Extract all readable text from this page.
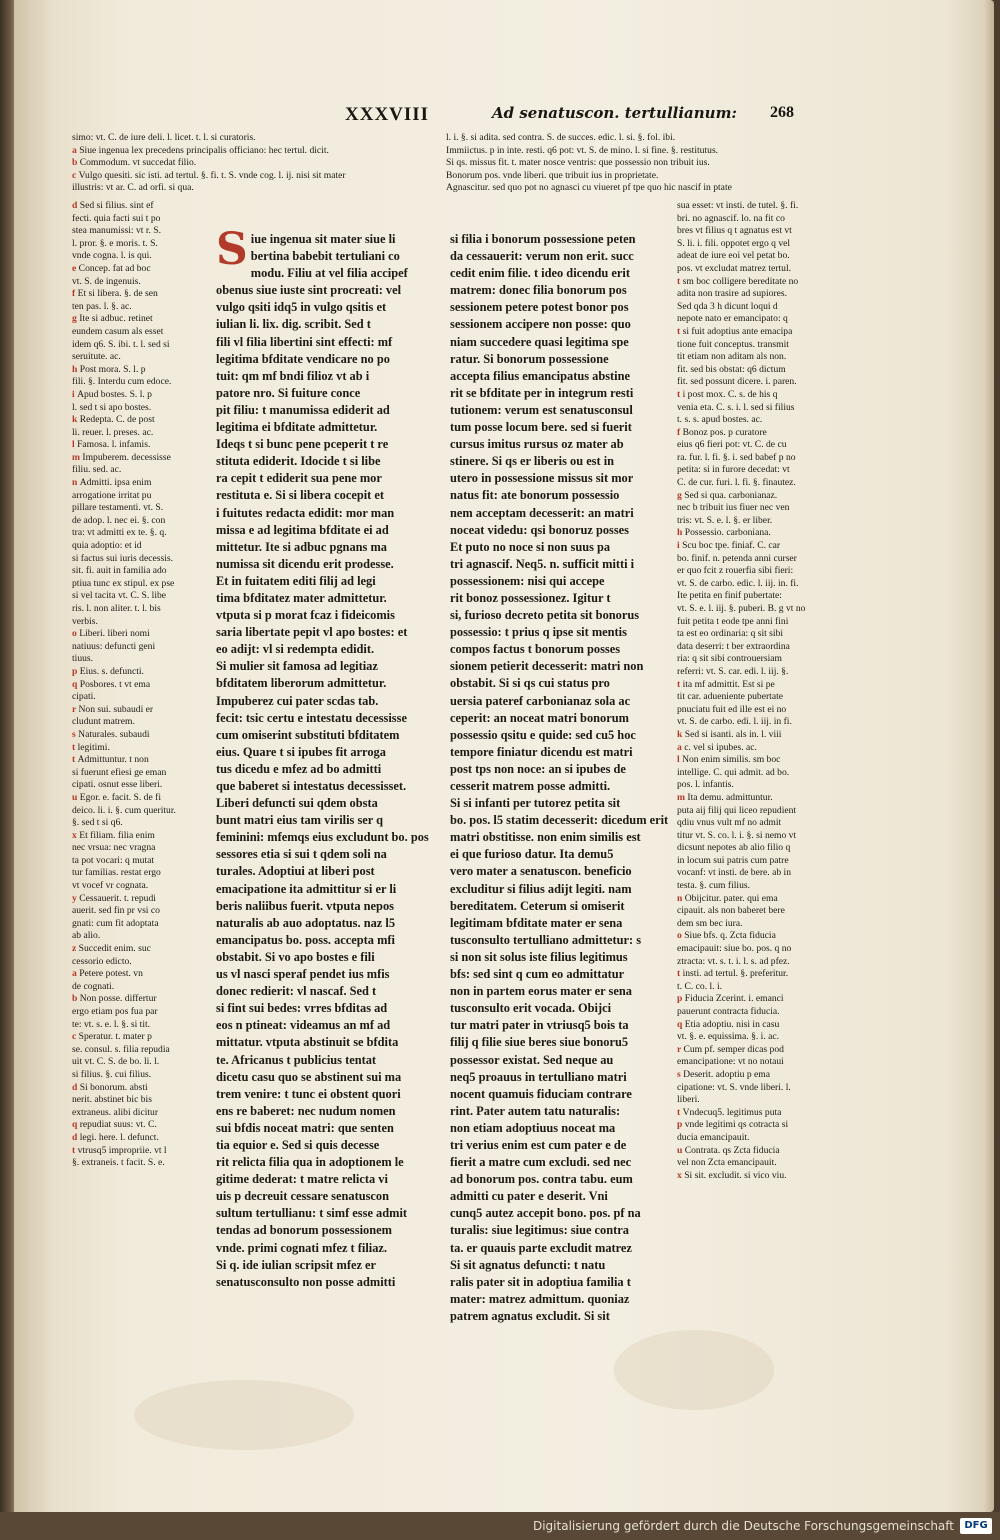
XXXVIII	Ad senatuscon. tertullianum: 268

simo: vt. C. de iure deli. l. licet. t. l. si curatoris.

a Siue ingenua lex precedens principalis officiano: hec tertul. dicit.

b Commodum. vt succedat filio.

c Vulgo quesiti. sic isti. ad tertul. §. fi. t. S. vnde cog. l. ij. nisi sit mater

illustris: vt ar. C. ad orfi. si qua.

l. i. §. si adita. sed contra. S. de succes. edic. l. si. §. fol. ibi.

Immiictus. p in inte. resti. q6 pot: vt. S. de mino. l. si fine. §. restitutus.

Si qs. missus fit. t. mater nosce ventris: que possessio non tribuit ius.

Bonorum pos. vnde liberi. que tribuit ius in proprietate.

Agnascitur. sed quo pot no agnasci cu viueret pf tpe quo hic nascif in ptate

d Sed si filius. sint ef

fecti. quia facti sui t po

stea manumissi: vt r. S.

l. pror. §. e moris. t. S.

vnde cogna. l. is qui.

e Concep. fat ad boc

vt. S. de ingenuis.

f Et si libera. §. de sen

ten pas. l. §. ac.

g Ite si adbuc. retinet

eundem casum als esset

idem q6. S. ibi. t. l. sed si

seruitute. ac.

h Post mora. S. l. p

fili. §. Interdu cum edoce.

i Apud bostes. S. l. p

l. sed t si apo bostes.

k Redepta. C. de post

li. reuer. l. preses. ac.

l Famosa. l. infamis.

m Impuberem. decessisse

filiu. sed. ac.

n Admitti. ipsa enim

arrogatione irritat pu

pillare testamenti. vt. S.

de adop. l. nec ei. §. con

tra: vt admitti ex te. §. q.

quia adoptio: et id

si factus sui iuris decessis.

sit. fi. auit in familia ado

ptiua tunc ex stipul. ex pse

si vel tacita vt. C. S. libe

ris. l. non aliter. t. l. bis

verbis.

o Liberi. liberi nomi

natiuus: defuncti geni

tiuus.

p Eius. s. defuncti.

q Posbores. t vt ema

cipati.

r Non sui. subaudi er

cludunt matrem.

s Naturales. subaudi

t legitimi.

t Admittuntur. t non

si fuerunt efiesi ge eman

cipati. osnut esse liberi.

u Egor. e. facit. S. de fi

deico. li. i. §. cum queritur.

§. sed t si q6.

x Et filiam. filia enim

nec vrsua: nec vragna

ta pot vocari: q mutat

tur familias. restat ergo

vt vocef vr cognata.

y Cessauerit. t. repudi

auerit. sed fin pr vsi co

gnati: cum fit adoptata

ab alio.

z Succedit enim. suc

cessorio edicto.

a Petere potest. vn

de cognati.

b Non posse. differtur

ergo etiam pos fua par

te: vt. s. e. l. §. si tit.

c Speratur. t. mater p

se. consul. s. filia repudia

uit vt. C. S. de bo. li. l.

si filius. §. cui filius.

d Si bonorum. absti

nerit. abstinet bic bis

extraneus. alibi dicitur

q repudiat suus: vt. C.

d legi. here. l. defunct.

t vtrusq5 impropriie. vt l

§. extraneis. t facit. S. e.

S iue ingenua sit mater siue li

bertina babebit tertuliani co

modu. Filiu at vel filia accipef

obenus siue iuste sint procreati: vel

vulgo qsiti idq5 in vulgo qsitis et

iulian li. lix. dig. scribit. Sed t

fili vl filia libertini sint effecti: mf

legitima bfditate vendicare no po

tuit: qm mf bndi filioz vt ab i

patore nro. Si fuiture conce

pit filiu: t manumissa ediderit ad

legitima ei bfditate admittetur.

Ideqs t si bunc pene pceperit t re

stituta ediderit. Idocide t si libe

ra cepit t ediderit sua pene mor

restituta e. Si si libera cocepit et

i fuitutes redacta edidit: mor man

missa e ad legitima bfditate ei ad

mittetur. Ite si adbuc pgnans ma

numissa sit dicendu erit prodesse.

Et in fuitatem editi filij ad legi

tima bfditatez mater admittetur.

vtputa si p morat fcaz i fideicomis

saria libertate pepit vl apo bostes: et

eo adijt: vl si redempta edidit.

Si mulier sit famosa ad legitiaz

bfditatem liberorum admittetur.

Impuberez cui pater scdas tab.

fecit: tsic certu e intestatu decessisse

cum omiserint substituti bfditatem

eius. Quare t si ipubes fit arroga

tus dicedu e mfez ad bo admitti

que baberet si intestatus decessisset.

Liberi defuncti sui qdem obsta

bunt matri eius tam virilis ser q

feminini: mfemqs eius excludunt bo. pos

sessores etia si sui t qdem soli na

turales. Adoptiui at liberi post

emacipatione ita admittitur si er li

beris naliibus fuerit. vtputa nepos

naturalis ab auo adoptatus. naz l5

emancipatus bo. poss. accepta mfi

obstabit. Si vo apo bostes e fili

us vl nasci speraf pendet ius mfis

donec redierit: vl nascaf. Sed t

si fint sui bedes: vrres bfditas ad

eos n ptineat: videamus an mf ad

mittatur. vtputa abstinuit se bfdita

te. Africanus t publicius tentat

dicetu casu quo se abstinent sui ma

trem venire: t tunc ei obstent quori

ens re baberet: nec nudum nomen

sui bfdis noceat matri: que senten

tia equior e. Sed si quis decesse

rit relicta filia qua in adoptionem le

gitime dederat: t matre relicta vi

uis p decreuit cessare senatuscon

sultum tertullianu: t simf esse admit

tendas ad bonorum possessionem

vnde. primi cognati mfez t filiaz.

Si q. ide iulian scripsit mfez er

senatusconsulto non posse admitti

si filia i bonorum possessione peten

da cessauerit: verum non erit. succ

cedit enim filie. t ideo dicendu erit

matrem: donec filia bonorum pos

sessionem petere potest bonor pos

sessionem accipere non posse: quo

niam succedere quasi legitima spe

ratur. Si bonorum possessione

accepta filius emancipatus abstine

rit se bfditate per in integrum resti

tutionem: verum est senatusconsul

tum posse locum bere. sed si fuerit

cursus imitus rursus oz mater ab

stinere. Si qs er liberis ou est in

utero in possessione missus sit mor

natus fit: ate bonorum possessio

nem acceptam decesserit: an matri

noceat videdu: qsi bonoruz posses

Et puto no noce si non suus pa

tri agnascif. Neq5. n. sufficit mitti i

possessionem: nisi qui accepe

rit bonoz possessionez. Igitur t

si, furioso decreto petita sit bonorus

possessio: t prius q ipse sit mentis

compos factus t bonorum posses

sionem petierit decesserit: matri non

obstabit. Si si qs cui status pro

uersia pateref carbonianaz sola ac

ceperit: an noceat matri bonorum

possessio qsitu e quide: sed cu5 hoc

tempore finiatur dicendu est matri

post tps non noce: an si ipubes de

cesserit matrem posse admitti.

Si si infanti per tutorez petita sit

bo. pos. l5 statim decesserit: dicedum erit

matri obstitisse. non enim similis est

ei que furioso datur. Ita demu5

vero mater a senatuscon. beneficio

excluditur si filius adijt legiti. nam

bereditatem. Ceterum si omiserit

legitimam bfditate mater er sena

tusconsulto tertulliano admittetur: s

si non sit solus iste filius legitimus

bfs: sed sint q cum eo admittatur

non in partem eorus mater er sena

tusconsulto erit vocada. Obijci

tur matri pater in vtriusq5 bois ta

filij q filie siue beres siue bonoru5

possessor existat. Sed neque au

neq5 proauus in tertulliano matri

nocent quamuis fiduciam contrare

rint. Pater autem tatu naturalis:

non etiam adoptiuus noceat ma

tri verius enim est cum pater e de

fierit a matre cum excludi. sed nec

ad bonorum pos. contra tabu. eum

admitti cu pater e deserit. Vni

cunq5 autez accepit bono. pos. pf na

turalis: siue legitimus: siue contra

ta. er quauis parte excludit matrez

Si sit agnatus defuncti: t natu

ralis pater sit in adoptiua familia t

mater: matrez admittum. quoniaz

patrem agnatus excludit. Si sit

sua esset: vt insti. de tutel. §. fi.

bri. no agnascif. lo. na fit co

bres vt filius q t agnatus est vt

S. li. i. fili. oppotet ergo q vel

adeat de iure eoi vel petat bo.

pos. vt excludat matrez tertul.

t sm boc colligere bereditate no

adita non trasire ad supiores.

Sed qda 3 h dicunt loqui d

nepote nato er emancipato: q

t si fuit adoptius ante emacipa

tione fuit conceptus. transmit

tit etiam non aditam als non.

fit. sed bis obstat: q6 dictum

fit. sed possunt dicere. i. paren.

t i post mox. C. s. de his q

venia eta. C. s. i. l. sed si filius

t. s. s. apud bostes. ac.

f Bonoz pos. p curatore

eius q6 fieri pot: vt. C. de cu

ra. fur. l. fi. §. i. sed babef p no

petita: si in furore decedat: vt

C. de cur. furi. l. fi. §. finautez.

g Sed si qua. carbonianaz.

nec b tribuit ius fiuer nec ven

tris: vt. S. e. l. §. er liber.

h Possessio. carboniana.

i Scu boc tpe. finiaf. C. car

bo. finif. n. petenda anni curser

er quo fcit z rouerfia sibi fieri:

vt. S. de carbo. edic. l. iij. in. fi.

Ite petita en finif pubertate:

vt. S. e. l. iij. §. puberi. B. g vt no

fuit petita t eode tpe anni fini

ta est eo ordinaria: q sit sibi

data deserri: t ber extraordina

ria: q sit sibi controuersiam

referri: vt. S. car. edi. l. iij. §.

t ita mf admittit. Est si pe

tit car. adueniente pubertate

pnuciatu fuit ed ille est ei no

vt. S. de carbo. edi. l. iij. in fi.

k Sed si isanti. als in. l. viii

a c. vel si ipubes. ac.

l Non enim similis. sm boc

intellige. C. qui admit. ad bo.

pos. l. infantis.

m Ita demu. admittuntur.

puta aij filij qui liceo repudient

qdiu vnus vult mf no admit

titur vt. S. co. l. i. §. si nemo vt

dicsunt nepotes ab alio filio q

in locum sui patris cum patre

vocanf: vt insti. de bere. ab in

testa. §. cum filius.

n Obijcitur. pater. qui ema

cipauit. als non baberet bere

dem sm bec iura.

o Siue bfs. q. Zcta fiducia

emacipauit: siue bo. pos. q no

ztracta: vt. s. t. i. l. s. ad pfez.

t insti. ad tertul. §. preferitur.

t. C. co. l. i.

p Fiducia Zcerint. i. emanci

pauerunt contracta fiducia.

q Etia adoptiu. nisi in casu

vt. §. e. equissima. §. i. ac.

r Cum pf. semper dicas pod

emancipatione: vt no notaui

s Deserit. adoptiu p ema

cipatione: vt. S. vnde liberi. l.

liberi.

t Vndecuq5. legitimus puta

p vnde legitimi qs cotracta si

ducia emancipauit.

u Contrata. qs Zcta fiducia

vel non Zcta emancipauit.

x Si sit. excludit. si vico viu.

Digitalisierung gefördert durch die Deutsche Forschungsgemeinschaft	DFG
